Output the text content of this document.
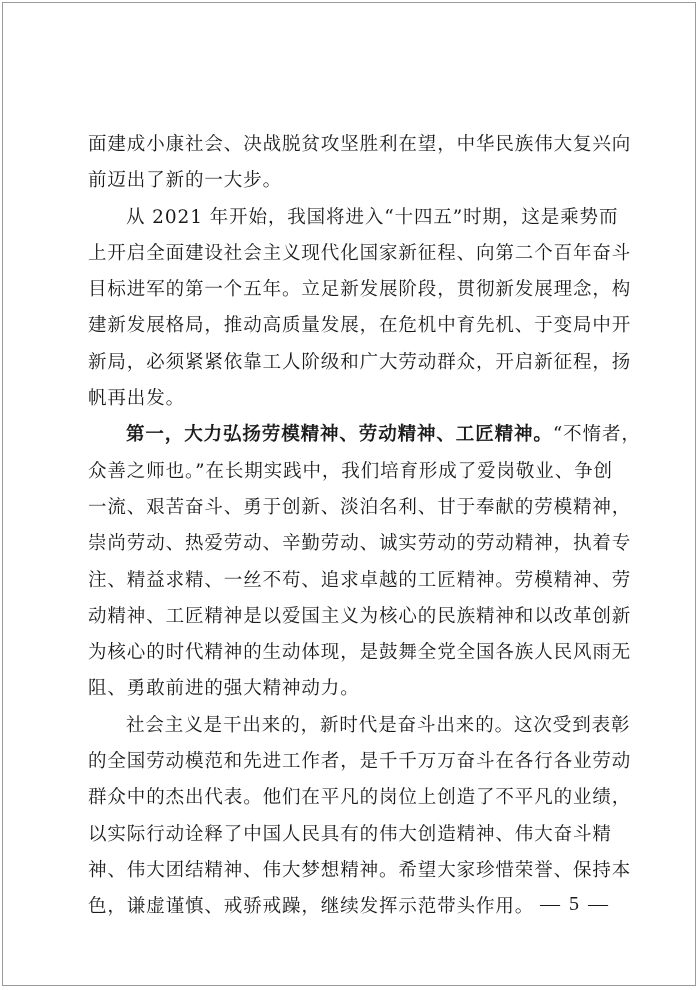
面建成小康社会、决战脱贫攻坚胜利在望，中华民族伟大复兴向
前迈出了新的一大步。
从 2021 年开始，我国将进入“十四五”时期，这是乘势而
上开启全面建设社会主义现代化国家新征程、向第二个百年奋斗
目标进军的第一个五年。立足新发展阶段，贯彻新发展理念，构
建新发展格局，推动高质量发展，在危机中育先机、于变局中开
新局，必须紧紧依靠工人阶级和广大劳动群众，开启新征程，扬
帆再出发。
第一，大力弘扬劳模精神、劳动精神、工匠精神。“不惰者，
众善之师也。”在长期实践中，我们培育形成了爱岗敬业、争创
一流、艰苦奋斗、勇于创新、淡泊名利、甘于奉献的劳模精神，
崇尚劳动、热爱劳动、辛勤劳动、诚实劳动的劳动精神，执着专
注、精益求精、一丝不苟、追求卓越的工匠精神。劳模精神、劳
动精神、工匠精神是以爱国主义为核心的民族精神和以改革创新
为核心的时代精神的生动体现，是鼓舞全党全国各族人民风雨无
阻、勇敢前进的强大精神动力。
社会主义是干出来的，新时代是奋斗出来的。这次受到表彰
的全国劳动模范和先进工作者，是千千万万奋斗在各行各业劳动
群众中的杰出代表。他们在平凡的岗位上创造了不平凡的业绩，
以实际行动诠释了中国人民具有的伟大创造精神、伟大奋斗精
神、伟大团结精神、伟大梦想精神。希望大家珍惜荣誉、保持本
色，谦虚谨慎、戒骄戒躁，继续发挥示范带头作用。 — 5 —
